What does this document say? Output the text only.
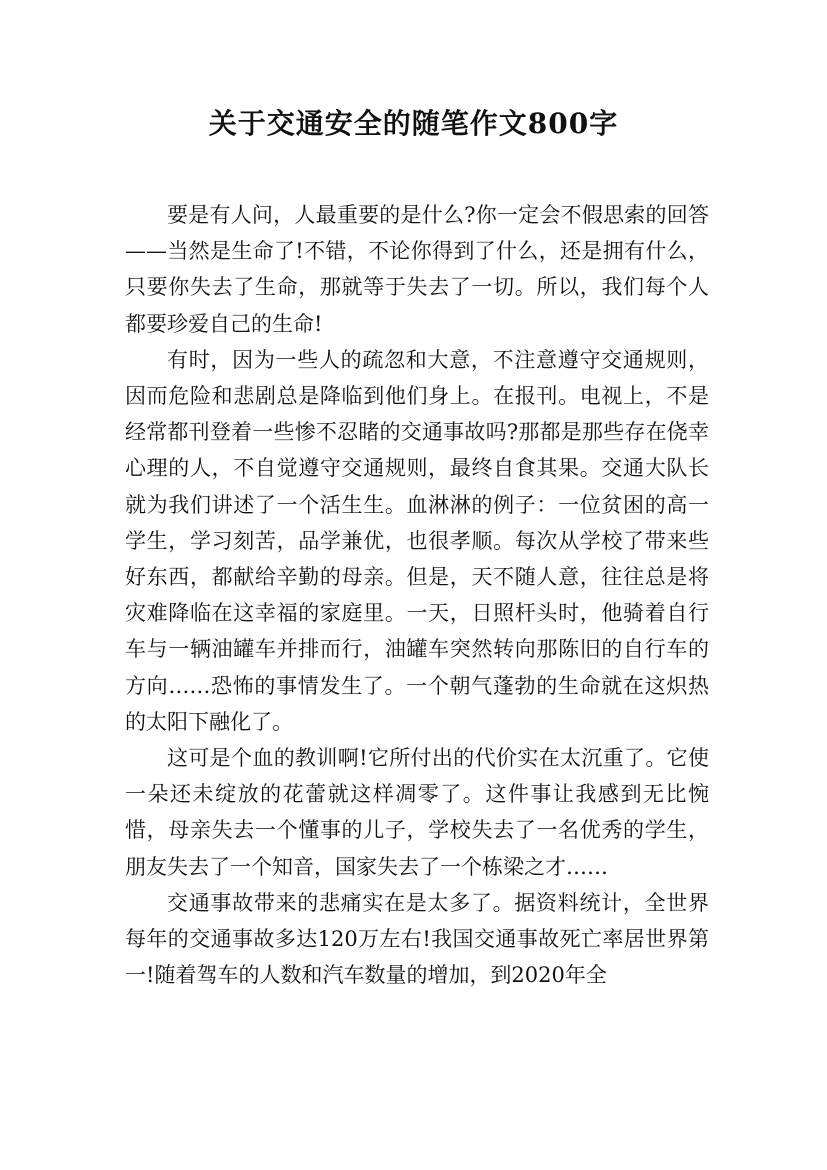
关于交通安全的随笔作文800字

要是有人问，人最重要的是什么?你一定会不假思索的回答——当然是生命了!不错，不论你得到了什么，还是拥有什么，只要你失去了生命，那就等于失去了一切。所以，我们每个人都要珍爱自己的生命!

有时，因为一些人的疏忽和大意，不注意遵守交通规则，因而危险和悲剧总是降临到他们身上。在报刊。电视上，不是经常都刊登着一些惨不忍睹的交通事故吗?那都是那些存在侥幸心理的人，不自觉遵守交通规则，最终自食其果。交通大队长就为我们讲述了一个活生生。血淋淋的例子：一位贫困的高一学生，学习刻苦，品学兼优，也很孝顺。每次从学校了带来些好东西，都献给辛勤的母亲。但是，天不随人意，往往总是将灾难降临在这幸福的家庭里。一天，日照杆头时，他骑着自行车与一辆油罐车并排而行，油罐车突然转向那陈旧的自行车的方向……恐怖的事情发生了。一个朝气蓬勃的生命就在这炽热的太阳下融化了。

这可是个血的教训啊!它所付出的代价实在太沉重了。它使一朵还未绽放的花蕾就这样凋零了。这件事让我感到无比惋惜，母亲失去一个懂事的儿子，学校失去了一名优秀的学生，朋友失去了一个知音，国家失去了一个栋梁之才……

交通事故带来的悲痛实在是太多了。据资料统计，全世界每年的交通事故多达120万左右!我国交通事故死亡率居世界第一!随着驾车的人数和汽车数量的增加，到2020年全
